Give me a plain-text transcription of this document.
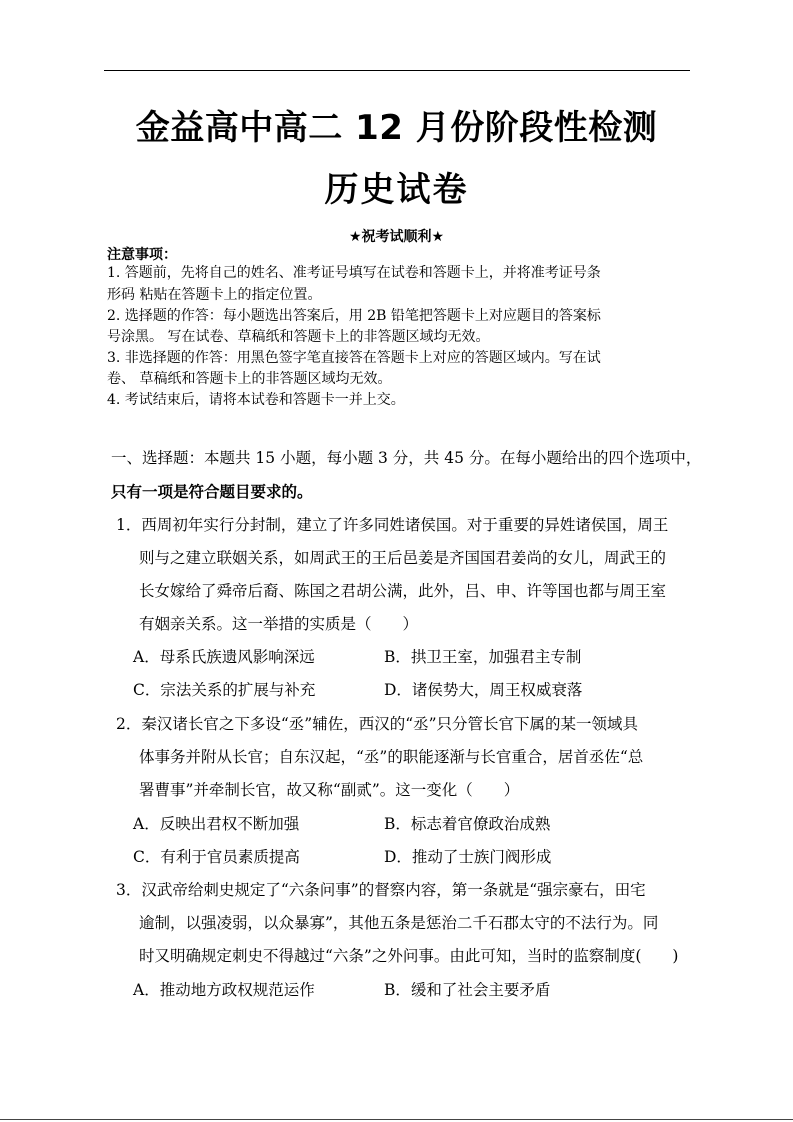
金益高中高二 12 月份阶段性检测
历史试卷
★祝考试顺利★
注意事项：
1. 答题前，先将自己的姓名、准考证号填写在试卷和答题卡上，并将准考证号条
形码 粘贴在答题卡上的指定位置。
2. 选择题的作答：每小题选出答案后，用 2B 铅笔把答题卡上对应题目的答案标
号涂黑。 写在试卷、草稿纸和答题卡上的非答题区域均无效。
3. 非选择题的作答：用黑色签字笔直接答在答题卡上对应的答题区域内。写在试
卷、 草稿纸和答题卡上的非答题区域均无效。
4. 考试结束后，请将本试卷和答题卡一并上交。
一、选择题：本题共 15 小题，每小题 3 分，共 45 分。在每小题给出的四个选项中，
只有一项是符合题目要求的。
1．西周初年实行分封制，建立了许多同姓诸侯国。对于重要的异姓诸侯国，周王
则与之建立联姻关系，如周武王的王后邑姜是齐国国君姜尚的女儿，周武王的
长女嫁给了舜帝后裔、陈国之君胡公满，此外，吕、申、许等国也都与周王室
有姻亲关系。这一举措的实质是（　　）
A．母系氏族遗风影响深远	B．拱卫王室，加强君主专制
C．宗法关系的扩展与补充	D．诸侯势大，周王权威衰落
2．秦汉诸长官之下多设“丞”辅佐，西汉的“丞”只分管长官下属的某一领域具
体事务并附从长官；自东汉起，“丞”的职能逐渐与长官重合，居首丞佐“总
署曹事”并牵制长官，故又称“副贰”。这一变化（　　）
A．反映出君权不断加强	B．标志着官僚政治成熟
C．有利于官员素质提高	D．推动了士族门阀形成
3．汉武帝给刺史规定了“六条问事”的督察内容，第一条就是“强宗豪右，田宅
逾制，以强凌弱，以众暴寡”，其他五条是惩治二千石郡太守的不法行为。同
时又明确规定刺史不得越过“六条”之外问事。由此可知，当时的监察制度(　　)
A．推动地方政权规范运作	B．缓和了社会主要矛盾
